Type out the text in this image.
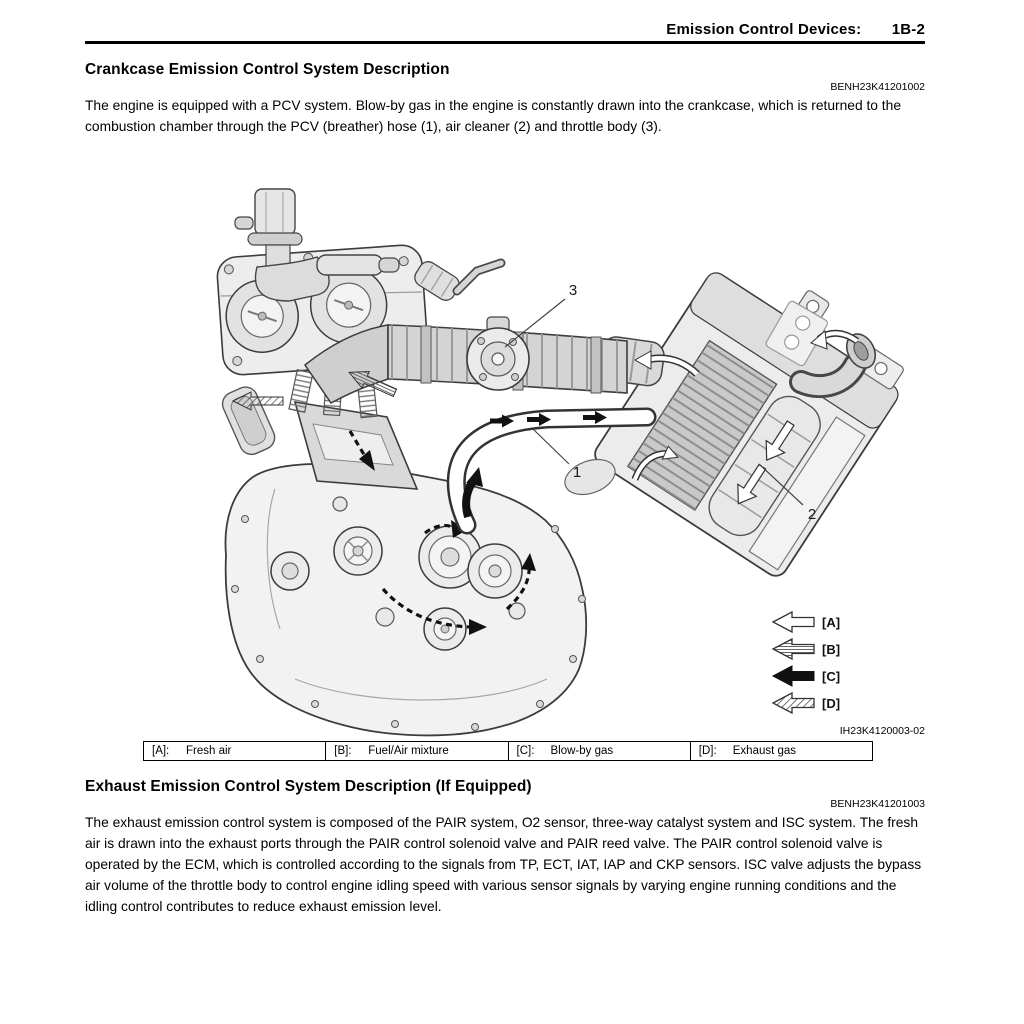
Emission Control Devices: 1B-2
Crankcase Emission Control System Description
BENH23K41201002

The engine is equipped with a PCV system. Blow-by gas in the engine is constantly drawn into the crankcase, which is returned to the combustion chamber through the PCV (breather) hose (1), air cleaner (2) and throttle body (3).

3
1
2
[A]
[B]
[C]
[D]
IH23K4120003-02
[A]:	Fresh air	[B]:	Fuel/Air mixture	[C]:	Blow-by gas	[D]:	Exhaust gas
Exhaust Emission Control System Description (If Equipped)
BENH23K41201003

The exhaust emission control system is composed of the PAIR system, O2 sensor, three-way catalyst system and ISC system. The fresh air is drawn into the exhaust ports through the PAIR control solenoid valve and PAIR reed valve. The PAIR control solenoid valve is operated by the ECM, which is controlled according to the signals from TP, ECT, IAT, IAP and CKP sensors. ISC valve adjusts the bypass air volume of the throttle body to control engine idling speed with various sensor signals by varying engine running conditions and the idling control contributes to reduce exhaust emission level.
